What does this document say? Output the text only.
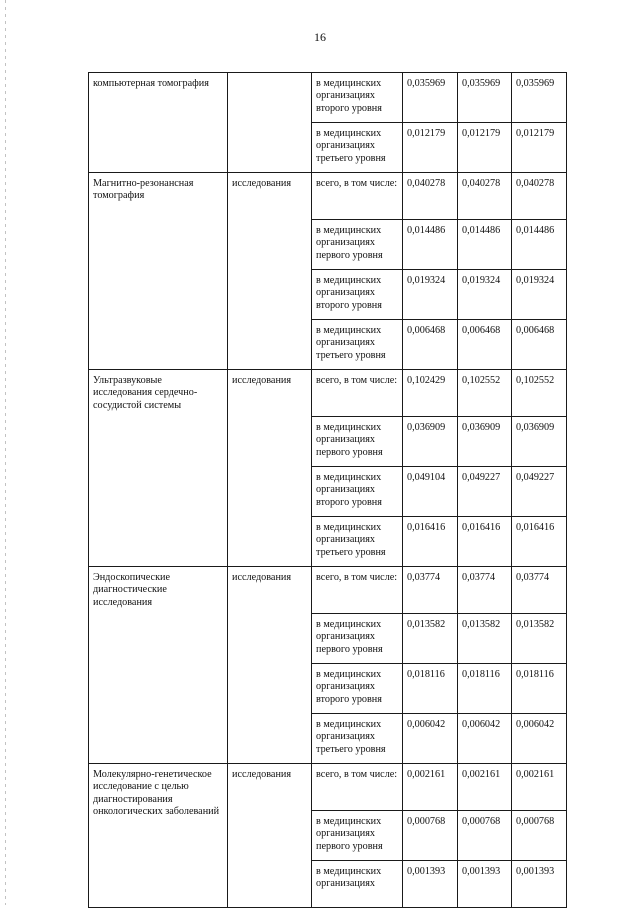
16
компьютерная томография		в медицинских организациях второго уровня	0,035969	0,035969	0,035969
		в медицинских организациях третьего уровня	0,012179	0,012179	0,012179
Магнитно-резонансная томография	исследования	всего, в том числе:	0,040278	0,040278	0,040278
		в медицинских организациях первого уровня	0,014486	0,014486	0,014486
		в медицинских организациях второго уровня	0,019324	0,019324	0,019324
		в медицинских организациях третьего уровня	0,006468	0,006468	0,006468
Ультразвуковые исследования сердечно-сосудистой системы	исследования	всего, в том числе:	0,102429	0,102552	0,102552
		в медицинских организациях первого уровня	0,036909	0,036909	0,036909
		в медицинских организациях второго уровня	0,049104	0,049227	0,049227
		в медицинских организациях третьего уровня	0,016416	0,016416	0,016416
Эндоскопические диагностические исследования	исследования	всего, в том числе:	0,03774	0,03774	0,03774
		в медицинских организациях первого уровня	0,013582	0,013582	0,013582
		в медицинских организациях второго уровня	0,018116	0,018116	0,018116
		в медицинских организациях третьего уровня	0,006042	0,006042	0,006042
Молекулярно-генетическое исследование с целью диагностирования онкологических заболеваний	исследования	всего, в том числе:	0,002161	0,002161	0,002161
		в медицинских организациях первого уровня	0,000768	0,000768	0,000768
		в медицинских организациях	0,001393	0,001393	0,001393
